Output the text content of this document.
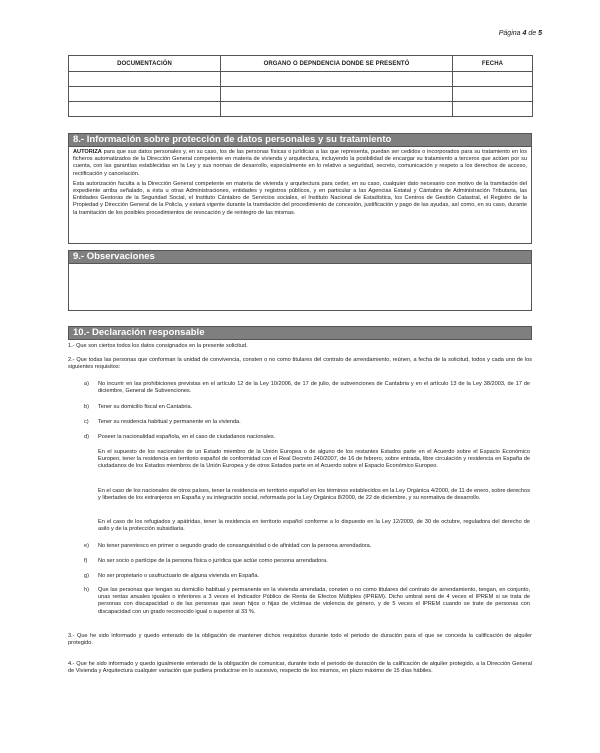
Página 4 de 5
DOCUMENTACIÓN	ORGANO O DEPNDENCIA DONDE SE PRESENTÓ	FECHA

8.- Información sobre protección de datos personales y su tratamiento

AUTORIZA para que sus datos personales y, en su caso, los de las personas físicas o jurídicas a las que representa, puedan ser cedidos o incorporados para su tratamiento en los ficheros automatizados de la Dirección General competente en materia de vivienda y arquitectura, incluyendo la posibilidad de encargar su tratamiento a terceros que actúen por su cuenta, con las garantías establecidas en la Ley y sus normas de desarrollo, especialmente en lo relativo a seguridad, secreto, comunicación y respeto a los derechos de acceso, rectificación y cancelación.

Esta autorización faculta a la Dirección General competente en materia de vivienda y arquitectura para ceder, en su caso, cualquier dato necesario con motivo de la tramitación del expediente arriba señalado, a ésta u otras Administraciones, entidades y registros públicos, y en particular a las Agencias Estatal y Cántabra de Administración Tributaria, las Entidades Gestoras de la Seguridad Social, el Instituto Cántabro de Servicios sociales, el Instituto Nacional de Estadística, los Centros de Gestión Catastral, el Registro de la Propiedad y Dirección General de la Policía, y estará vigente durante la tramitación del procedimiento de concesión, justificación y pago de las ayudas, así como, en su caso, durante la tramitación de los posibles procedimientos de revocación y de reintegro de las mismas.

9.- Observaciones
10.- Declaración responsable
1.- Que son ciertos todos los datos consignados en la presente solicitud.
2.- Que todas las personas que conforman la unidad de convivencia, consten o no como titulares del contrato de arrendamiento, reúnen, a fecha de la solicitud, todos y cada uno de los siguientes requisitos:
a) No incurrir en las prohibiciones previstas en el artículo 12 de la Ley 10/2006, de 17 de julio, de subvenciones de Cantabria y en el artículo 13 de la Ley 38/2003, de 17 de diciembre, General de Subvenciones.
b) Tener su domicilio fiscal en Cantabria.
c) Tener su residencia habitual y permanente en la vivienda.
d) Poseer la nacionalidad española, en el caso de ciudadanos nacionales.
En el supuesto de los nacionales de un Estado miembro de la Unión Europea o de alguno de los restantes Estados parte en el Acuerdo sobre el Espacio Económico Europeo, tener la residencia en territorio español de conformidad con el Real Decreto 240/2007, de 16 de febrero, sobre entrada, libre circulación y residencia en España de ciudadanos de los Estados miembros de la Unión Europea y de otros Estados parte en el Acuerdo sobre el Espacio Económico Europeo.
En el caso de los nacionales de otros países, tener la residencia en territorio español en los términos establecidos en la Ley Orgánica 4/2000, de 11 de enero, sobre derechos y libertades de los extranjeros en España y su integración social, reformada por la Ley Orgánica 8/2000, de 22 de diciembre, y su normativa de desarrollo.
En el caso de los refugiados y apátridas, tener la residencia en territorio español conforme a lo dispuesto en la Ley 12/2009, de 30 de octubre, reguladora del derecho de asilo y de la protección subsidiaria.
e) No tener parentesco en primer o segundo grado de consanguinidad o de afinidad con la persona arrendadora.
f) No ser socio o partícipe de la persona física o jurídica que actúe como persona arrendadora.
g) No ser propietario o usufructuario de alguna vivienda en España.
h) Que las personas que tengan su domicilio habitual y permanente en la vivienda arrendada, consten o no como titulares del contrato de arrendamiento, tengan, en conjunto, unas rentas anuales iguales o inferiores a 3 veces el Indicador Público de Renta de Efectos Múltiples (IPREM). Dicho umbral será de 4 veces el IPREM si se trata de personas con discapacidad o de las personas que sean hijos o hijas de víctimas de violencia de género, y de 5 veces el IPREM cuando se trate de personas con discapacidad con un grado reconocido igual o superior al 33 %.
3.- Que he sido informado y quedo enterado de la obligación de mantener dichos requisitos durante todo el periodo de duración para el que se conceda la calificación de alquiler protegido.
4.- Que he sido informado y quedo igualmente enterado de la obligación de comunicar, durante todo el periodo de duración de la calificación de alquiler protegido, a la Dirección General de Vivienda y Arquitectura cualquier variación que pudiera producirse en lo sucesivo, respecto de los mismos, en plazo máximo de 15 días hábiles.
